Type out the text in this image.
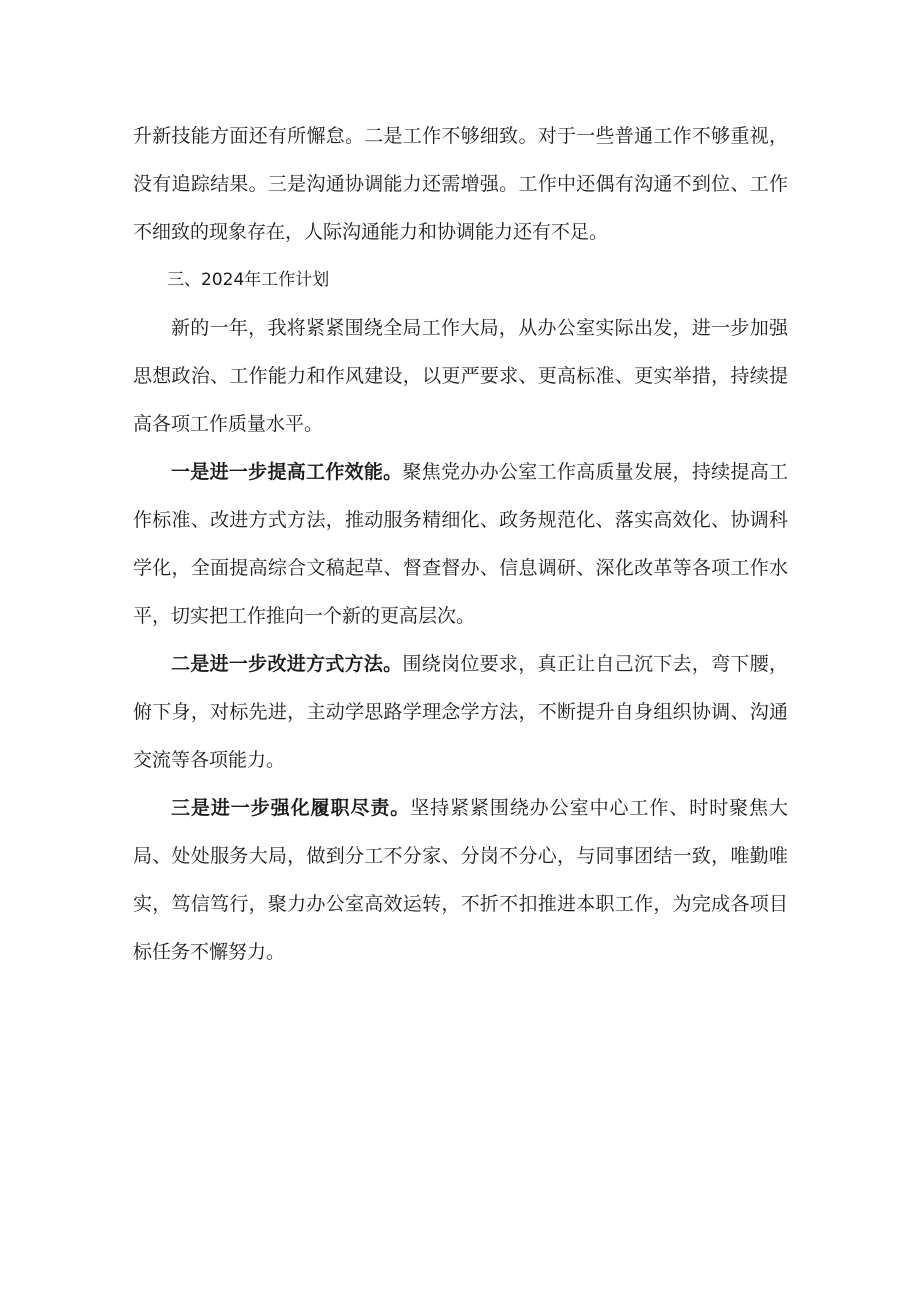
升新技能方面还有所懈怠。二是工作不够细致。对于一些普通工作不够重视，没有追踪结果。三是沟通协调能力还需增强。工作中还偶有沟通不到位、工作不细致的现象存在，人际沟通能力和协调能力还有不足。

三、2024年工作计划

新的一年，我将紧紧围绕全局工作大局，从办公室实际出发，进一步加强思想政治、工作能力和作风建设，以更严要求、更高标准、更实举措，持续提高各项工作质量水平。

一是进一步提高工作效能。聚焦党办办公室工作高质量发展，持续提高工作标准、改进方式方法，推动服务精细化、政务规范化、落实高效化、协调科学化，全面提高综合文稿起草、督查督办、信息调研、深化改革等各项工作水平，切实把工作推向一个新的更高层次。

二是进一步改进方式方法。围绕岗位要求，真正让自己沉下去，弯下腰，俯下身，对标先进，主动学思路学理念学方法，不断提升自身组织协调、沟通交流等各项能力。

三是进一步强化履职尽责。坚持紧紧围绕办公室中心工作、时时聚焦大局、处处服务大局，做到分工不分家、分岗不分心，与同事团结一致，唯勤唯实，笃信笃行，聚力办公室高效运转，不折不扣推进本职工作，为完成各项目标任务不懈努力。
